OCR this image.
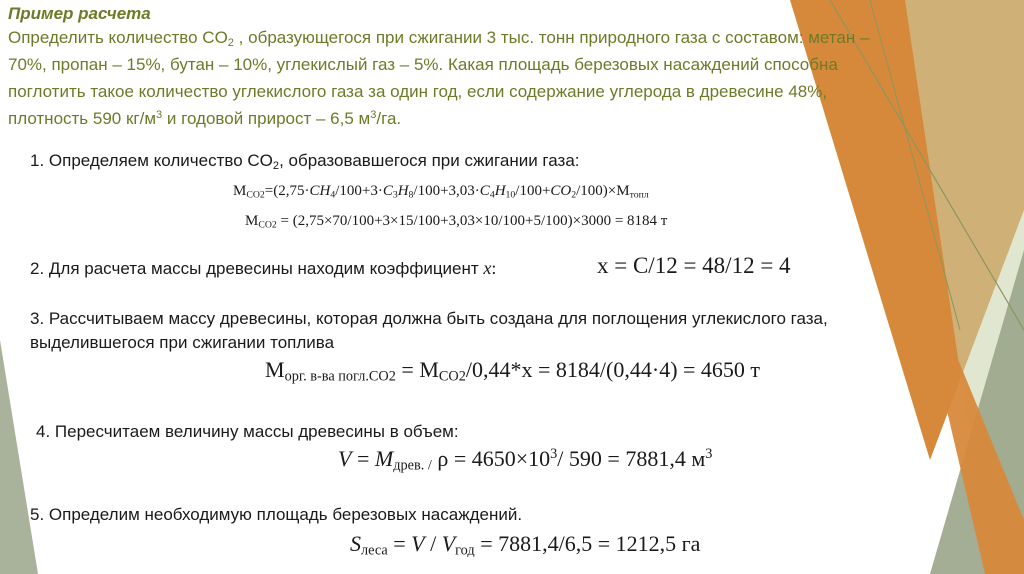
Пример расчета
Определить количество $CO_2$ , образующегося при сжигании 3 тыс. тонн природного газа с составом: метан –
70%, пропан – 15%, бутан – 10%, углекислый газ – 5%. Какая площадь березовых насаждений способна
поглотить такое количество углекислого газа за один год, если содержание углерода в древесине 48%,
плотность 590 $кг/м^3$ и годовой прирост – 6,5 $м^3/га$.
1. Определяем количество $CO_2$, образовавшегося при сжигании газа:
$M_{CO2}=(2,75\cdot CH_4/100+3\cdot C_3H_8/100+3,03\cdot C_4H_{10}/100+CO_2/100)\times M_{топл}$
$M_{CO2} = (2,75\times 70/100+3\times 15/100+3,03\times 10/100+5/100)\times 3000 = 8184$ т
2. Для расчета массы древесины находим коэффициент x:	x = C/12 = 48/12 = 4
3. Рассчитываем массу древесины, которая должна быть создана для поглощения углекислого газа,
выделившегося при сжигании топлива
$M_{орг. в-ва погл.CO2} = M_{CO2}/0,44*x = 8184/(0,44\cdot 4) = 4650$ т
4. Пересчитаем величину массы древесины в объем:
$V = M_{древ. /}$ $\rho = 4650\times 10^3/$ 590 = 7881,4 $м^3$
5. Определим необходимую площадь березовых насаждений.
$S_{леса} = V / V_{год} = 7881,4/6,5 = 1212,5$ га
